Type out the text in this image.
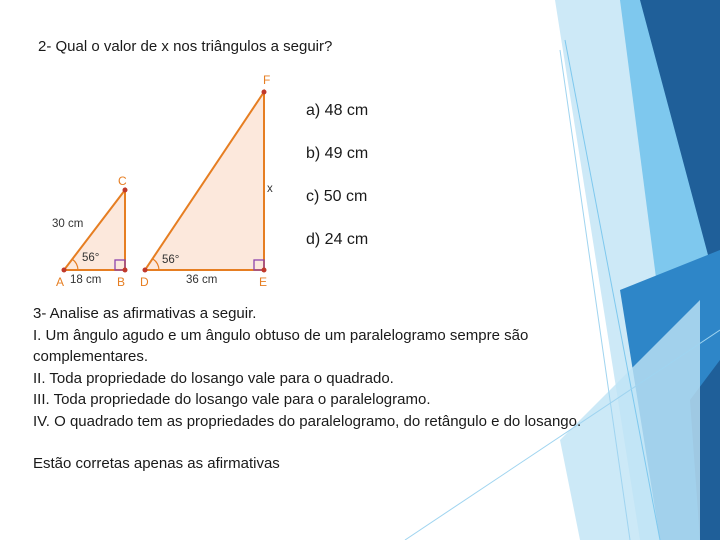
2- Qual o valor de x nos triângulos a seguir?
A	B
C
30 cm
18 cm
56°
D	E
F
x
36 cm
56°
a) 48 cm
b) 49 cm
c) 50 cm
d) 24 cm

3- Analise as afirmativas a seguir.

I. Um ângulo agudo e um ângulo obtuso de um paralelogramo sempre são complementares.

II. Toda propriedade do losango vale para o quadrado.

III. Toda propriedade do losango vale para o paralelogramo.

IV. O quadrado tem as propriedades do paralelogramo, do retângulo e do losango.

Estão corretas apenas as afirmativas
